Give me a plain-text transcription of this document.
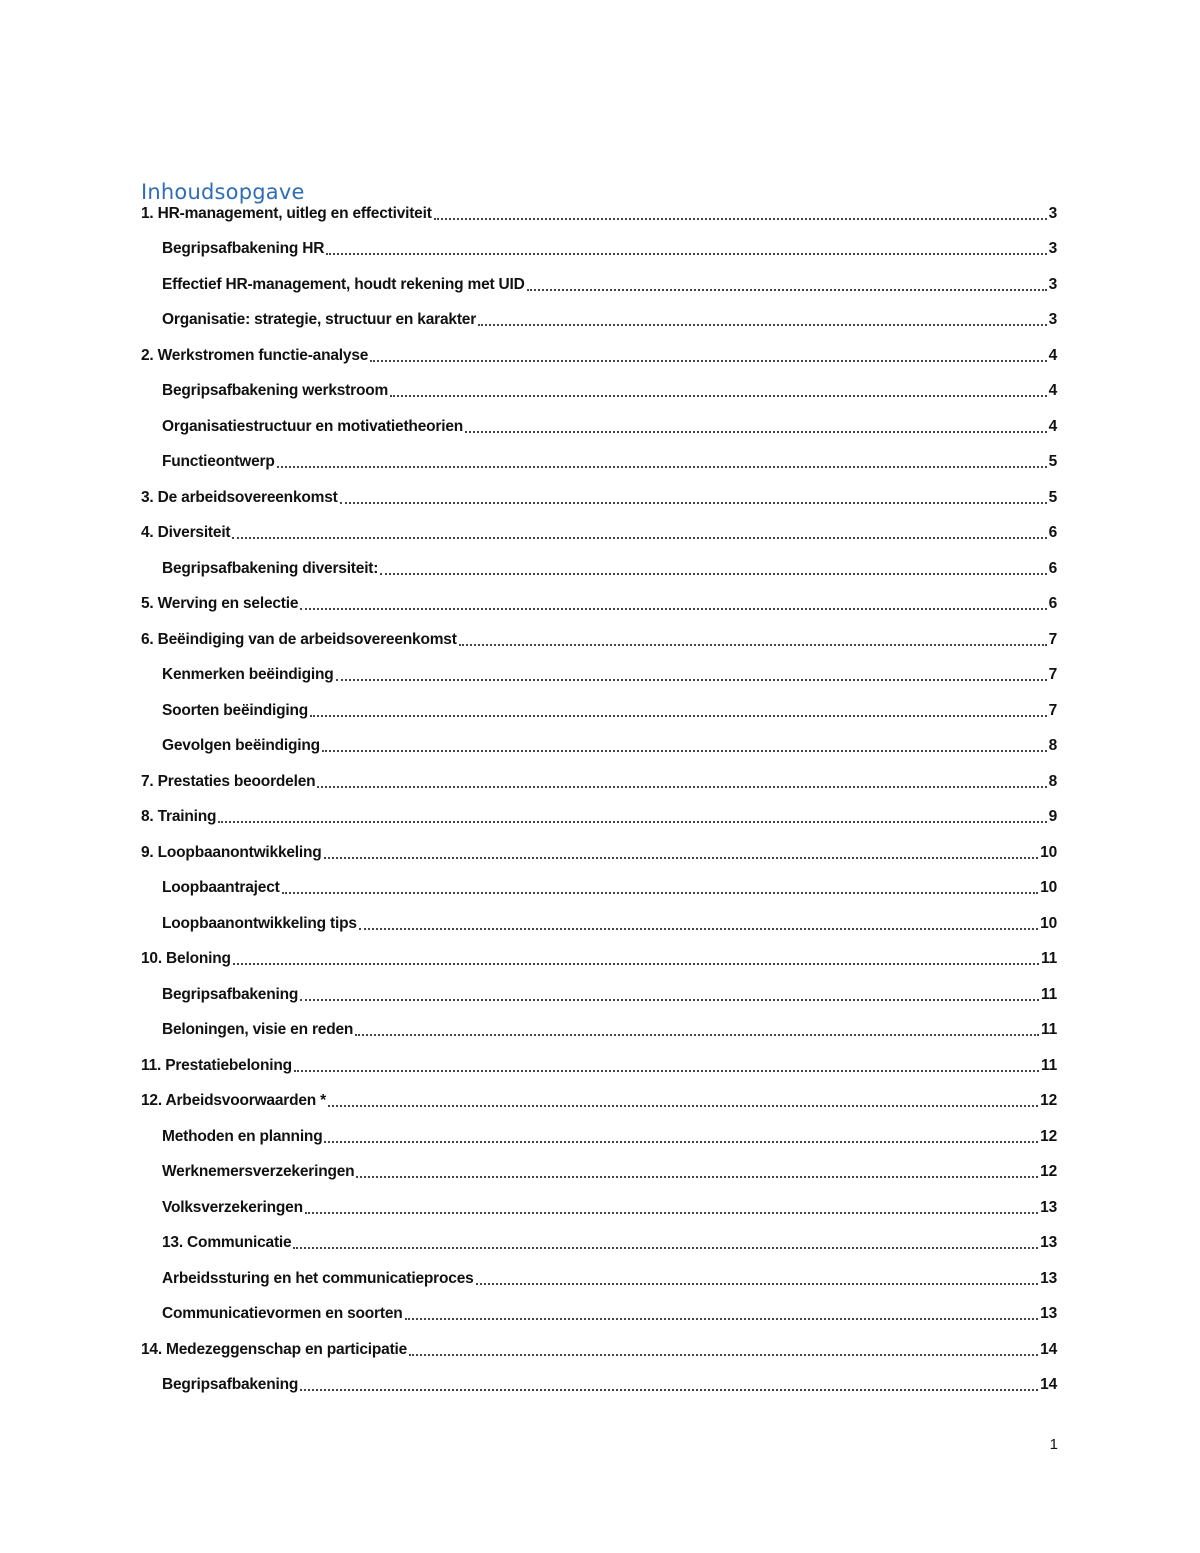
Inhoudsopgave
1. HR-management, uitleg en effectiviteit	3
Begripsafbakening HR	3
Effectief HR-management, houdt rekening met UID	3
Organisatie: strategie, structuur en karakter	3
2. Werkstromen functie-analyse	4
Begripsafbakening werkstroom	4
Organisatiestructuur en motivatietheorien	4
Functieontwerp	5
3. De arbeidsovereenkomst	5
4. Diversiteit	6
Begripsafbakening diversiteit:	6
5. Werving en selectie	6
6. Beëindiging van de arbeidsovereenkomst	7
Kenmerken beëindiging	7
Soorten beëindiging	7
Gevolgen beëindiging	8
7. Prestaties beoordelen	8
8. Training	9
9. Loopbaanontwikkeling	10
Loopbaantraject	10
Loopbaanontwikkeling tips	10
10. Beloning	11
Begripsafbakening	11
Beloningen, visie en reden	11
11. Prestatiebeloning	11
12. Arbeidsvoorwaarden *	12
Methoden en planning	12
Werknemersverzekeringen	12
Volksverzekeringen	13
13. Communicatie	13
Arbeidssturing en het communicatieproces	13
Communicatievormen en soorten	13
14. Medezeggenschap en participatie	14
Begripsafbakening	14
1
